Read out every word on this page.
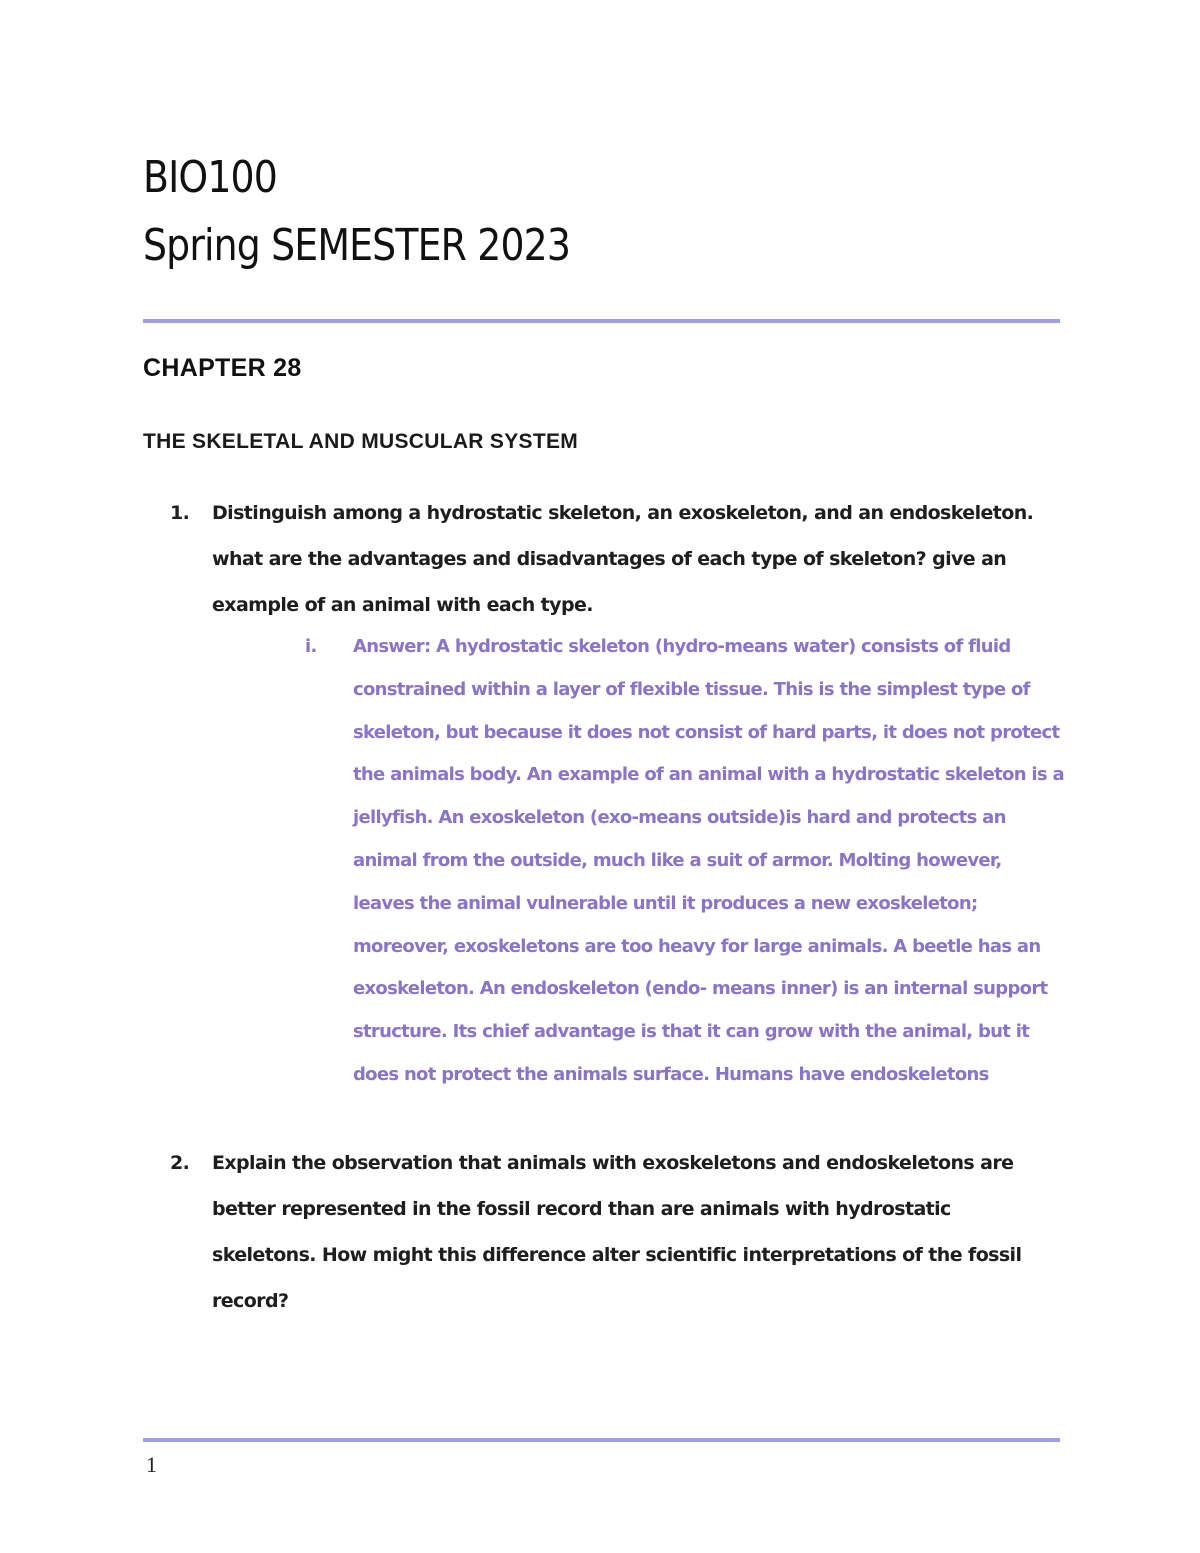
BIO100
Spring SEMESTER 2023
CHAPTER 28
THE SKELETAL AND MUSCULAR SYSTEM
1. Distinguish among a hydrostatic skeleton, an exoskeleton, and an endoskeleton. what are the advantages and disadvantages of each type of skeleton? give an example of an animal with each type.
i. Answer: A hydrostatic skeleton (hydro-means water) consists of fluid constrained within a layer of flexible tissue. This is the simplest type of skeleton, but because it does not consist of hard parts, it does not protect the animals body. An example of an animal with a hydrostatic skeleton is a jellyfish. An exoskeleton (exo-means outside)is hard and protects an animal from the outside, much like a suit of armor. Molting however, leaves the animal vulnerable until it produces a new exoskeleton; moreover, exoskeletons are too heavy for large animals. A beetle has an exoskeleton. An endoskeleton (endo- means inner) is an internal support structure. Its chief advantage is that it can grow with the animal, but it does not protect the animals surface. Humans have endoskeletons
2. Explain the observation that animals with exoskeletons and endoskeletons are better represented in the fossil record than are animals with hydrostatic skeletons. How might this difference alter scientific interpretations of the fossil record?
1
